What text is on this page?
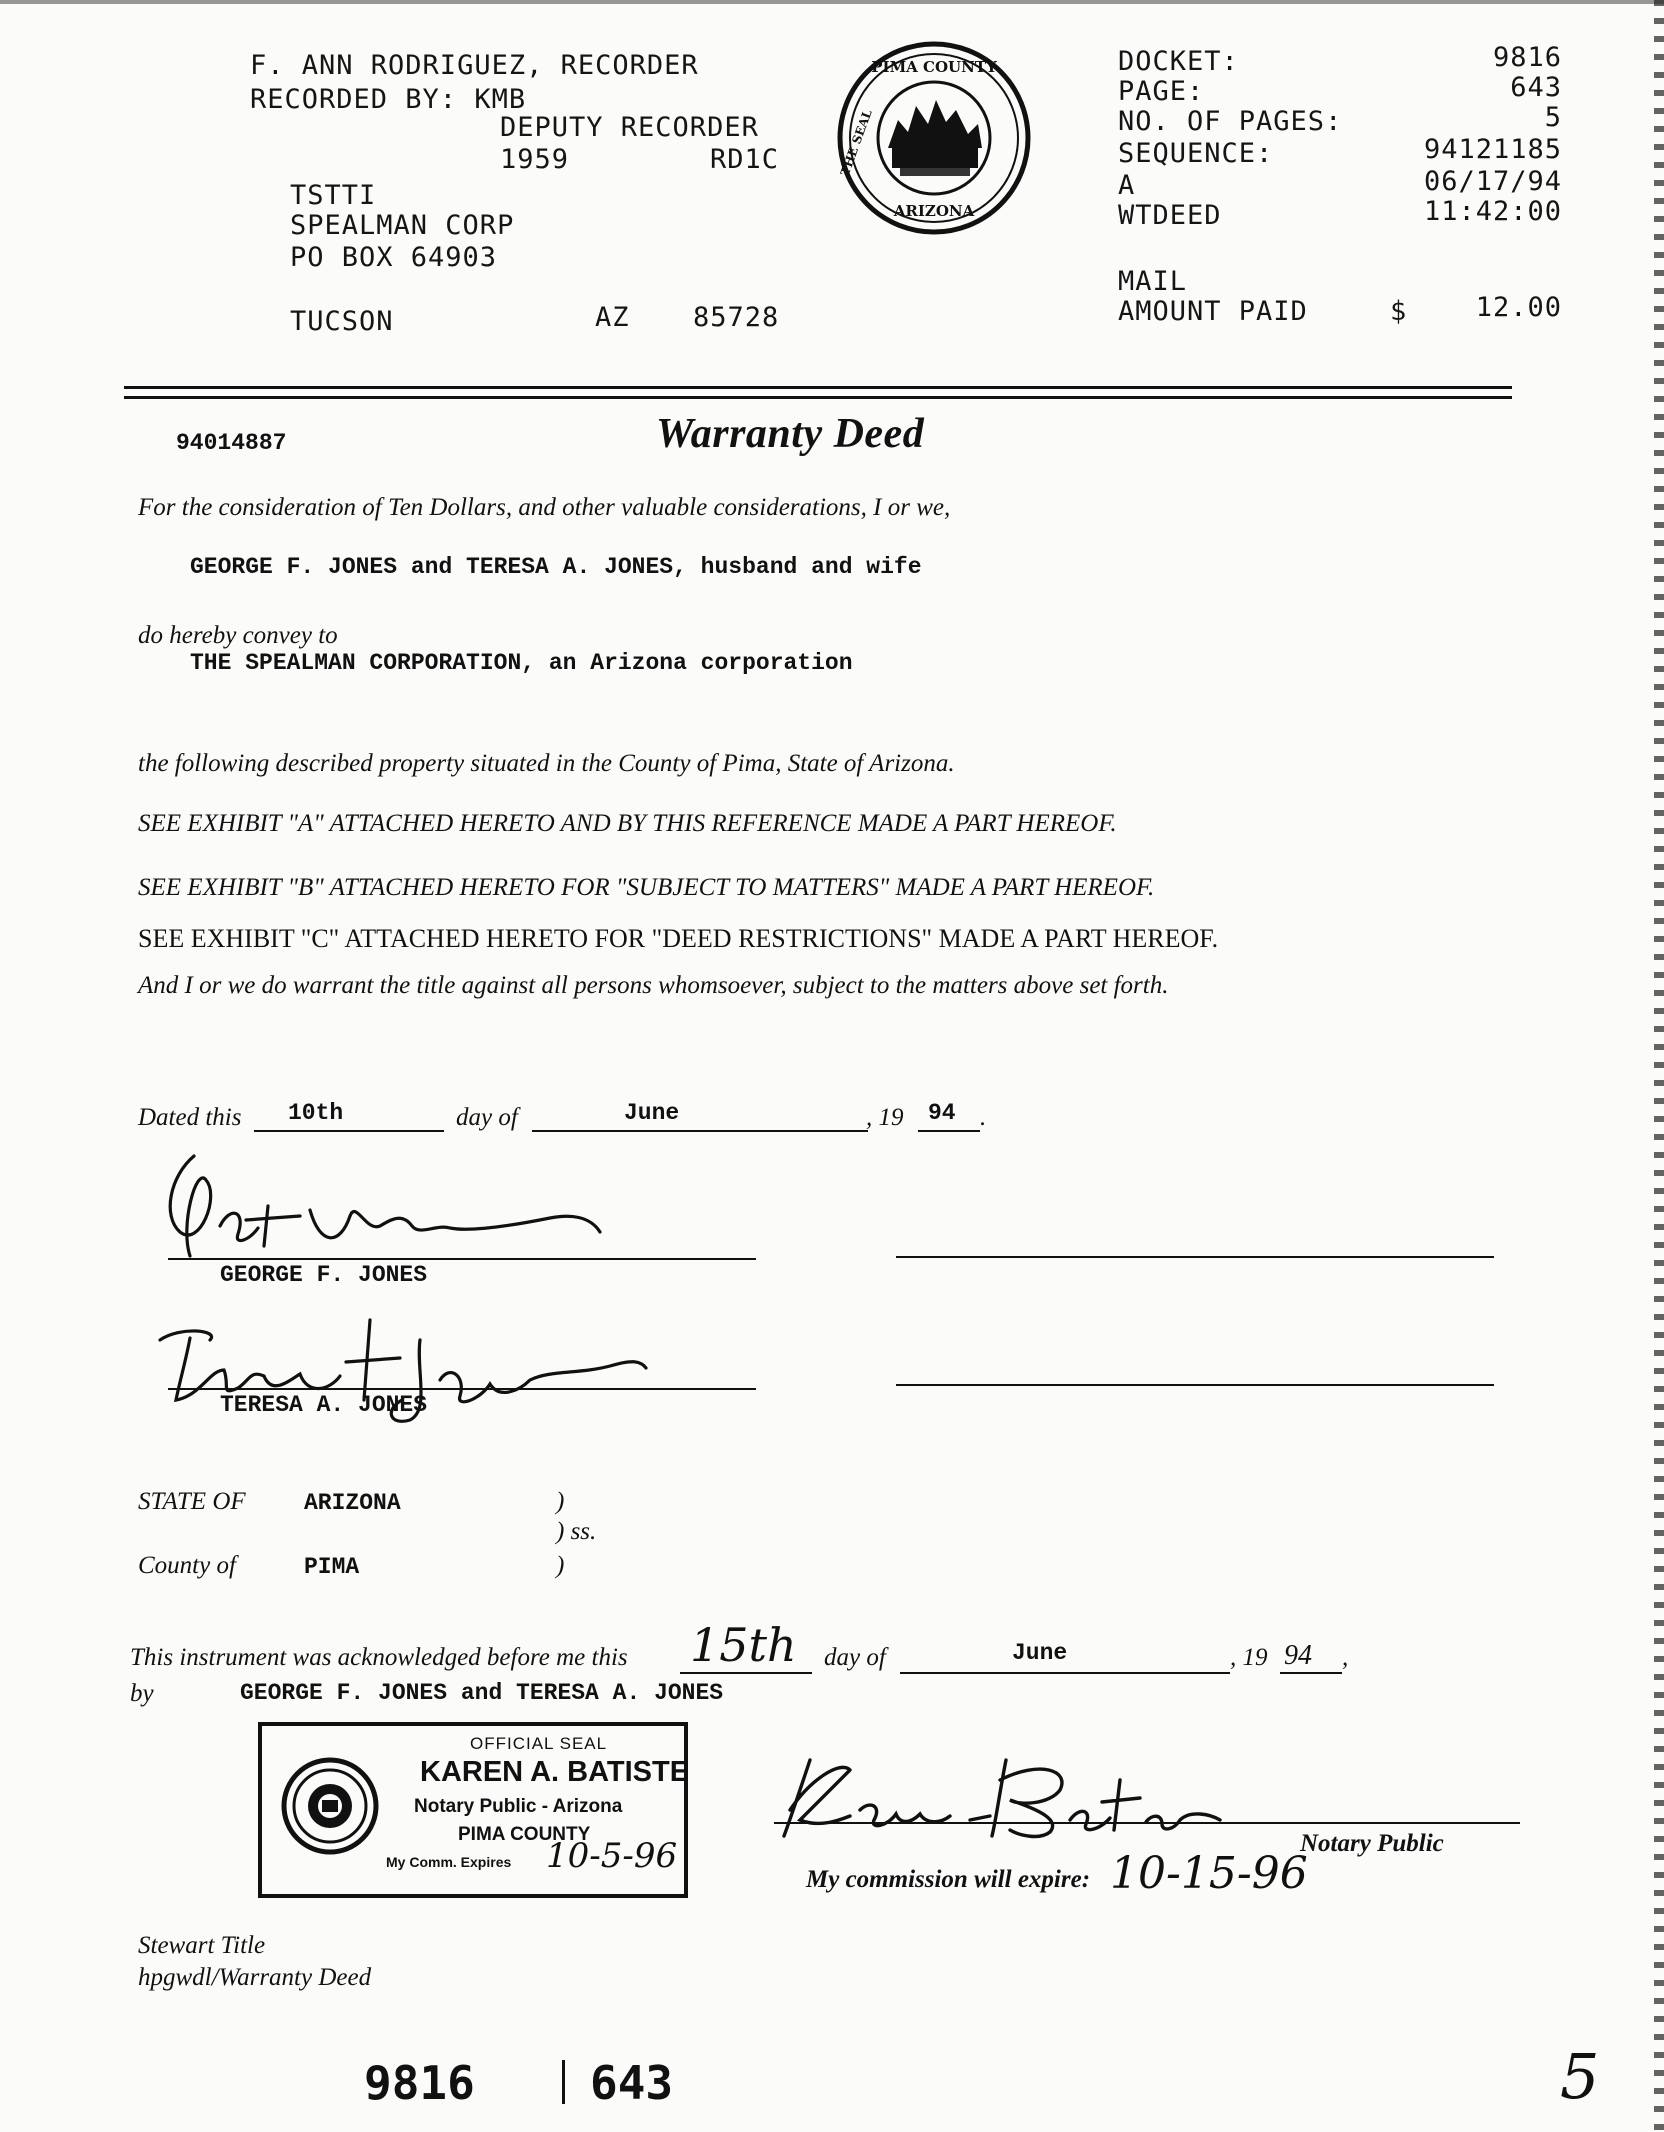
F. ANN RODRIGUEZ, RECORDER
RECORDED BY: KMB
DEPUTY RECORDER
1959	RD1C
TSTTI
SPEALMAN CORP
PO BOX 64903
TUCSON	AZ 85728
PIMA COUNTY
ARIZONA
THE SEAL
DOCKET:	9816
PAGE:	643
NO. OF PAGES:	5
SEQUENCE:	94121185
A	06/17/94
WTDEED	11:42:00
MAIL
AMOUNT PAID	$	12.00
94014887	Warranty Deed
For the consideration of Ten Dollars, and other valuable considerations, I or we,
GEORGE F. JONES and TERESA A. JONES, husband and wife
do hereby convey to
THE SPEALMAN CORPORATION, an Arizona corporation
the following described property situated in the County of Pima, State of Arizona.
SEE EXHIBIT "A" ATTACHED HERETO AND BY THIS REFERENCE MADE A PART HEREOF.
SEE EXHIBIT "B" ATTACHED HERETO FOR "SUBJECT TO MATTERS" MADE A PART HEREOF.
SEE EXHIBIT "C" ATTACHED HERETO FOR "DEED RESTRICTIONS" MADE A PART HEREOF.
And I or we do warrant the title against all persons whomsoever, subject to the matters above set forth.
Dated this 10th	day of	June	, 19 94 .
GEORGE F. JONES
TERESA A. JONES
STATE OF	ARIZONA	)
) ss.
County of	PIMA	)
This instrument was acknowledged before me this 15th day of	June	, 19 94 ,
by	GEORGE F. JONES and TERESA A. JONES
OFFICIAL SEAL
KAREN A. BATISTE
Notary Public - Arizona
PIMA COUNTY
My Comm. Expires 10-5-96	Notary Public
My commission will expire: 10-15-96
Stewart Title
hpgwdl/Warranty Deed
9816	643	5
